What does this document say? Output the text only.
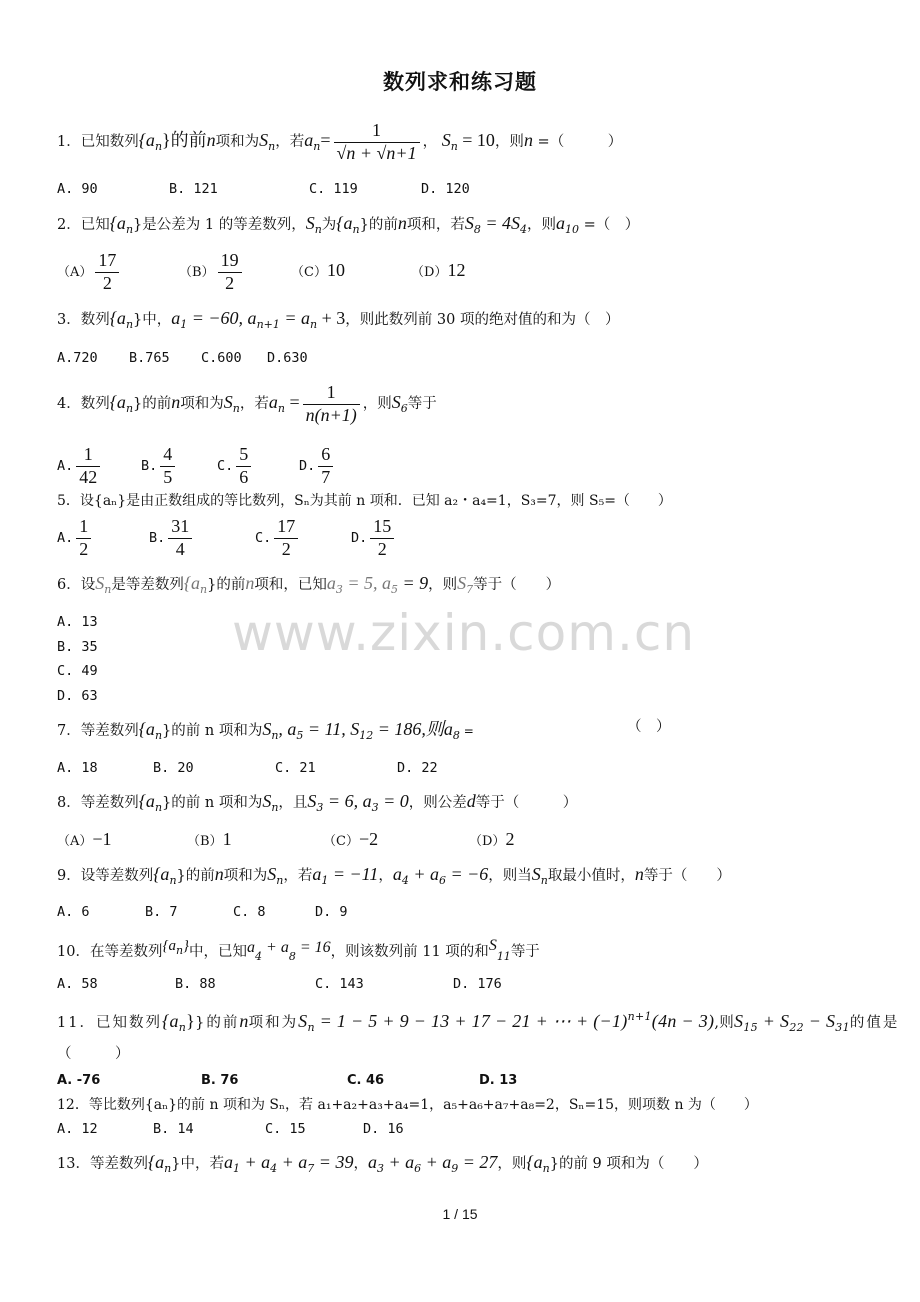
数列求和练习题
www.zixin.com.cn
1．已知数列$\{a_n\}$的前n项和为$S_n$，若$a_n= \frac{1}{√n + √n+1}$ ， $S_n = 10$，则n =（　　　）
A. 90	B. 121	C. 119	D. 120
2．已知$\{a_n\}$是公差为 1 的等差数列，$S_n$为$\{a_n\}$的前n项和，若$S_8 = 4S_4$，则$a_{10}$ =（　）
$(A) \frac{17}{2}$	$(B) \frac{19}{2}$	（C）10	（D）12
3．数列$\{a_n\}$中，$a_1 = -60$, $a_{n+1} = a_n + 3$，则此数列前 30 项的绝对值的和为（　）
A.720 B.765 C.600 D.630
4．数列$\{a_n\}$的前n项和为$S_n$，若$a_n = \frac{1}{n(n+1)}$ ，则$S_6$等于
A. $\frac{1}{42}$	B. $\frac{4}{5}$	C. $\frac{5}{6}$	D. $\frac{6}{7}$
5．设{aₙ}是由正数组成的等比数列，Sₙ为其前 n 项和．已知 a₂・a₄=1，S₃=7，则 S₅=（　　）
A. $\frac{1}{2}$	B. $\frac{31}{4}$	C. $\frac{17}{2}$	D. $\frac{15}{2}$
6．设$S_n$是等差数列$\{a_n\}$的前n项和，已知$a_3 = 5$, $a_5 = 9$，则$S_7$等于（　　）
A. 13
B. 35
C. 49
D. 63
7．等差数列$\{a_n\}$的前 n 项和为$S_n$, $a_5 = 11$, $S_{12} = 186$,则$a_8$ =	（　）
A. 18	B. 20	C. 21	D. 22
8．等差数列$\{a_n\}$的前 n 项和为$S_n$，且$S_3 = 6$, $a_3 = 0$，则公差d等于（　　　）
（A）−1	（B）1	（C）−2	（D）2
9．设等差数列$\{a_n\}$的前n项和为$S_n$，若$a_1 = -11$，$a_4 + a_6 = -6$，则当$S_n$取最小值时，n等于（　　）
A. 6	B. 7	C. 8	D. 9
10．在等差数列{an}中，已知$a_4 + a_8 = 16$，则该数列前 11 项的和$S_{11}$等于
A. 58	B. 88	C. 143	D. 176
11．已知数列$\{a_n\}$}的前n项和为$S_n = 1 - 5 + 9 - 13 + 17 - 21$ + ⋯ + $(-1)^{n+1}(4n - 3)$,则$S_{15} + S_{22} - S_{31}$的值是
（　　　）
A. -76	B. 76	C. 46	D. 13
12．等比数列{aₙ}的前 n 项和为 Sₙ，若 a₁+a₂+a₃+a₄=1，a₅+a₆+a₇+a₈=2，Sₙ=15，则项数 n 为（　　）
A. 12	B. 14	C. 15	D. 16
13．等差数列$\{a_n\}$中，若$a_1 + a_4 + a_7 = 39$，$a_3 + a_6 + a_9 = 27$，则$\{a_n\}$的前 9 项和为（　　）
1 / 15
